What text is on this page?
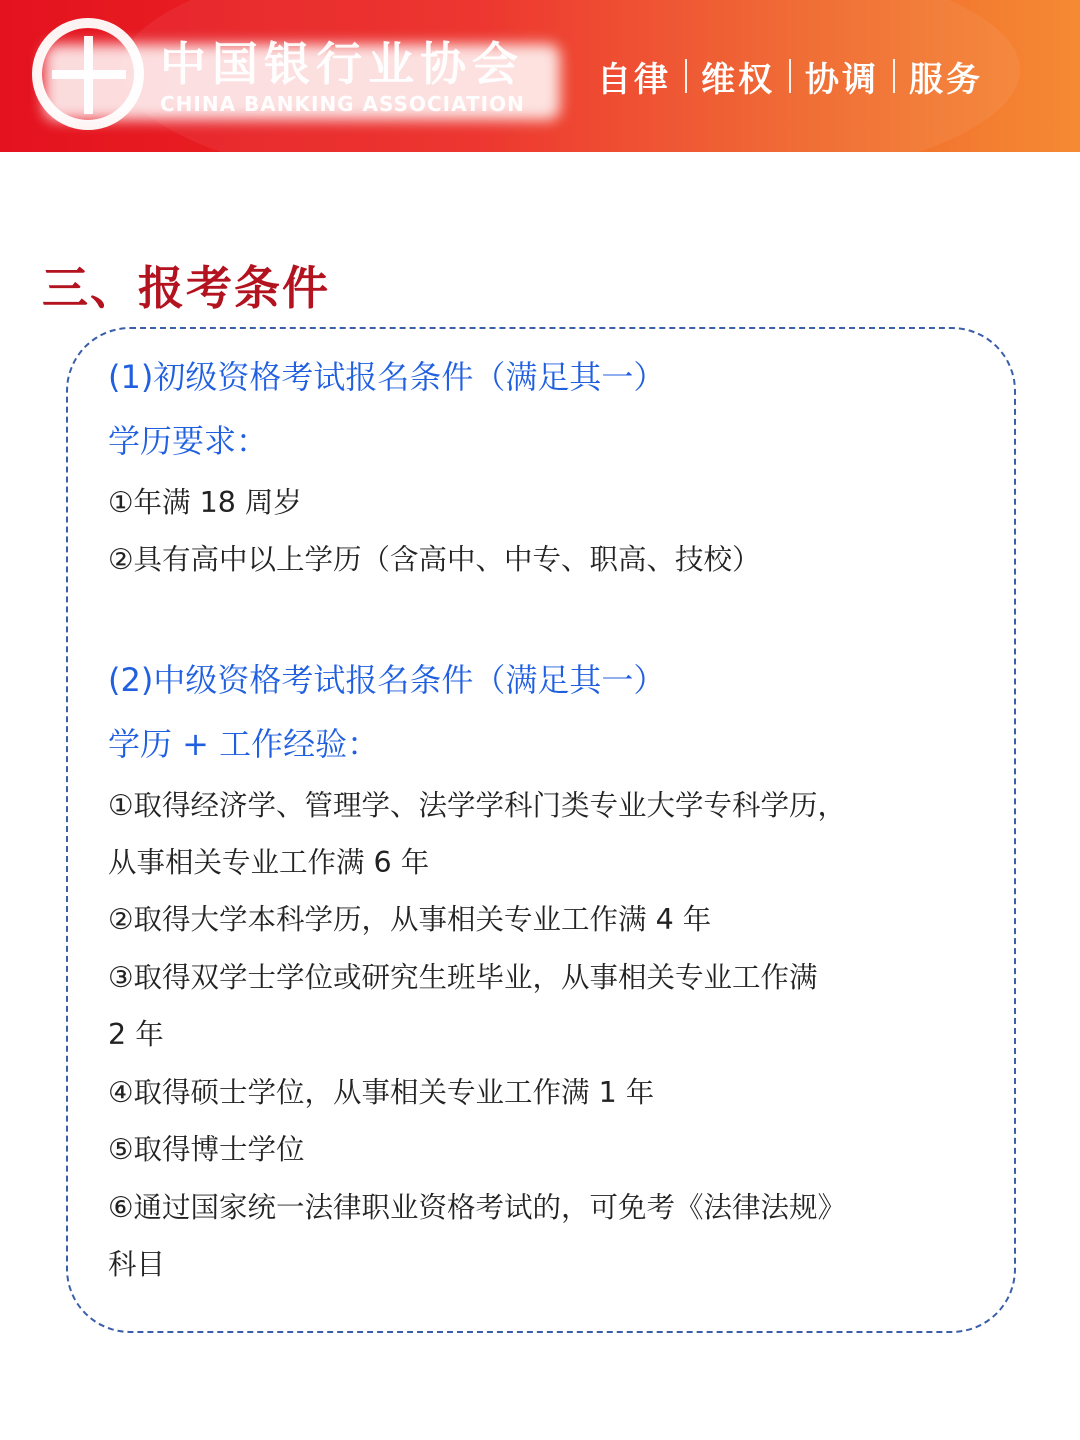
自律 维权 协调 服务
三、报考条件
(1)初级资格考试报名条件（满足其一）
学历要求：
①年满 18 周岁
②具有高中以上学历（含高中、中专、职高、技校）
(2)中级资格考试报名条件（满足其一）
学历 + 工作经验：
①取得经济学、管理学、法学学科门类专业大学专科学历，
从事相关专业工作满 6 年
②取得大学本科学历，从事相关专业工作满 4 年
③取得双学士学位或研究生班毕业，从事相关专业工作满
2 年
④取得硕士学位，从事相关专业工作满 1 年
⑤取得博士学位
⑥通过国家统一法律职业资格考试的，可免考《法律法规》
科目
